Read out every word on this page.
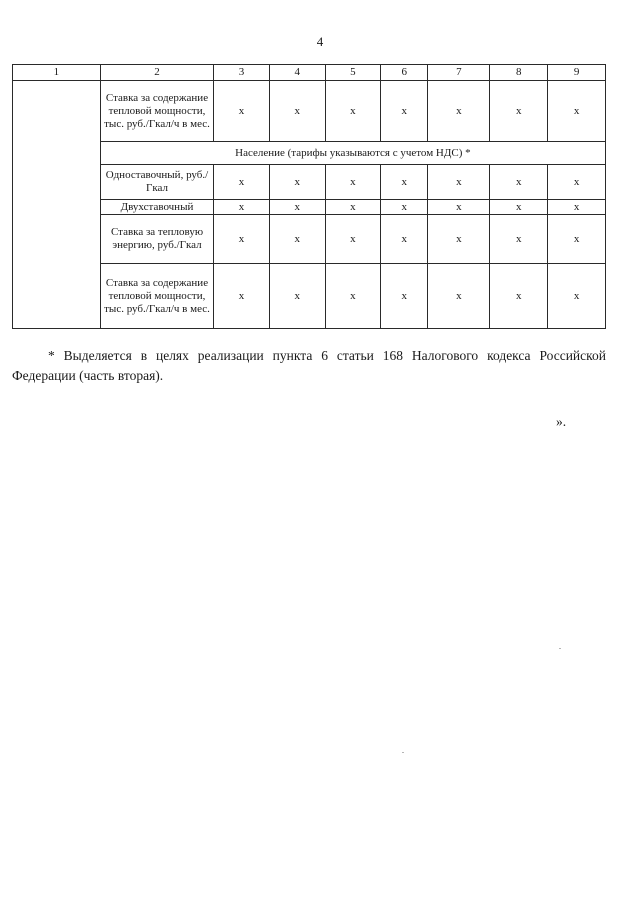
4
1	2	3	4	5	6	7	8	9
	Ставка за содержание тепловой мощности, тыс. руб./Гкал/ч в мес.	х	х	х	х	х	х	х
	Население (тарифы указываются с учетом НДС) *							
	Одноставочный, руб./Гкал	х	х	х	х	х	х	х
	Двухставочный	х	х	х	х	х	х	х
	Ставка за тепловую энергию, руб./Гкал	х	х	х	х	х	х	х
	Ставка за содержание тепловой мощности, тыс. руб./Гкал/ч в мес.	х	х	х	х	х	х	х
* Выделяется в целях реализации пункта 6 статьи 168 Налогового кодекса Российской Федерации (часть вторая).
».
